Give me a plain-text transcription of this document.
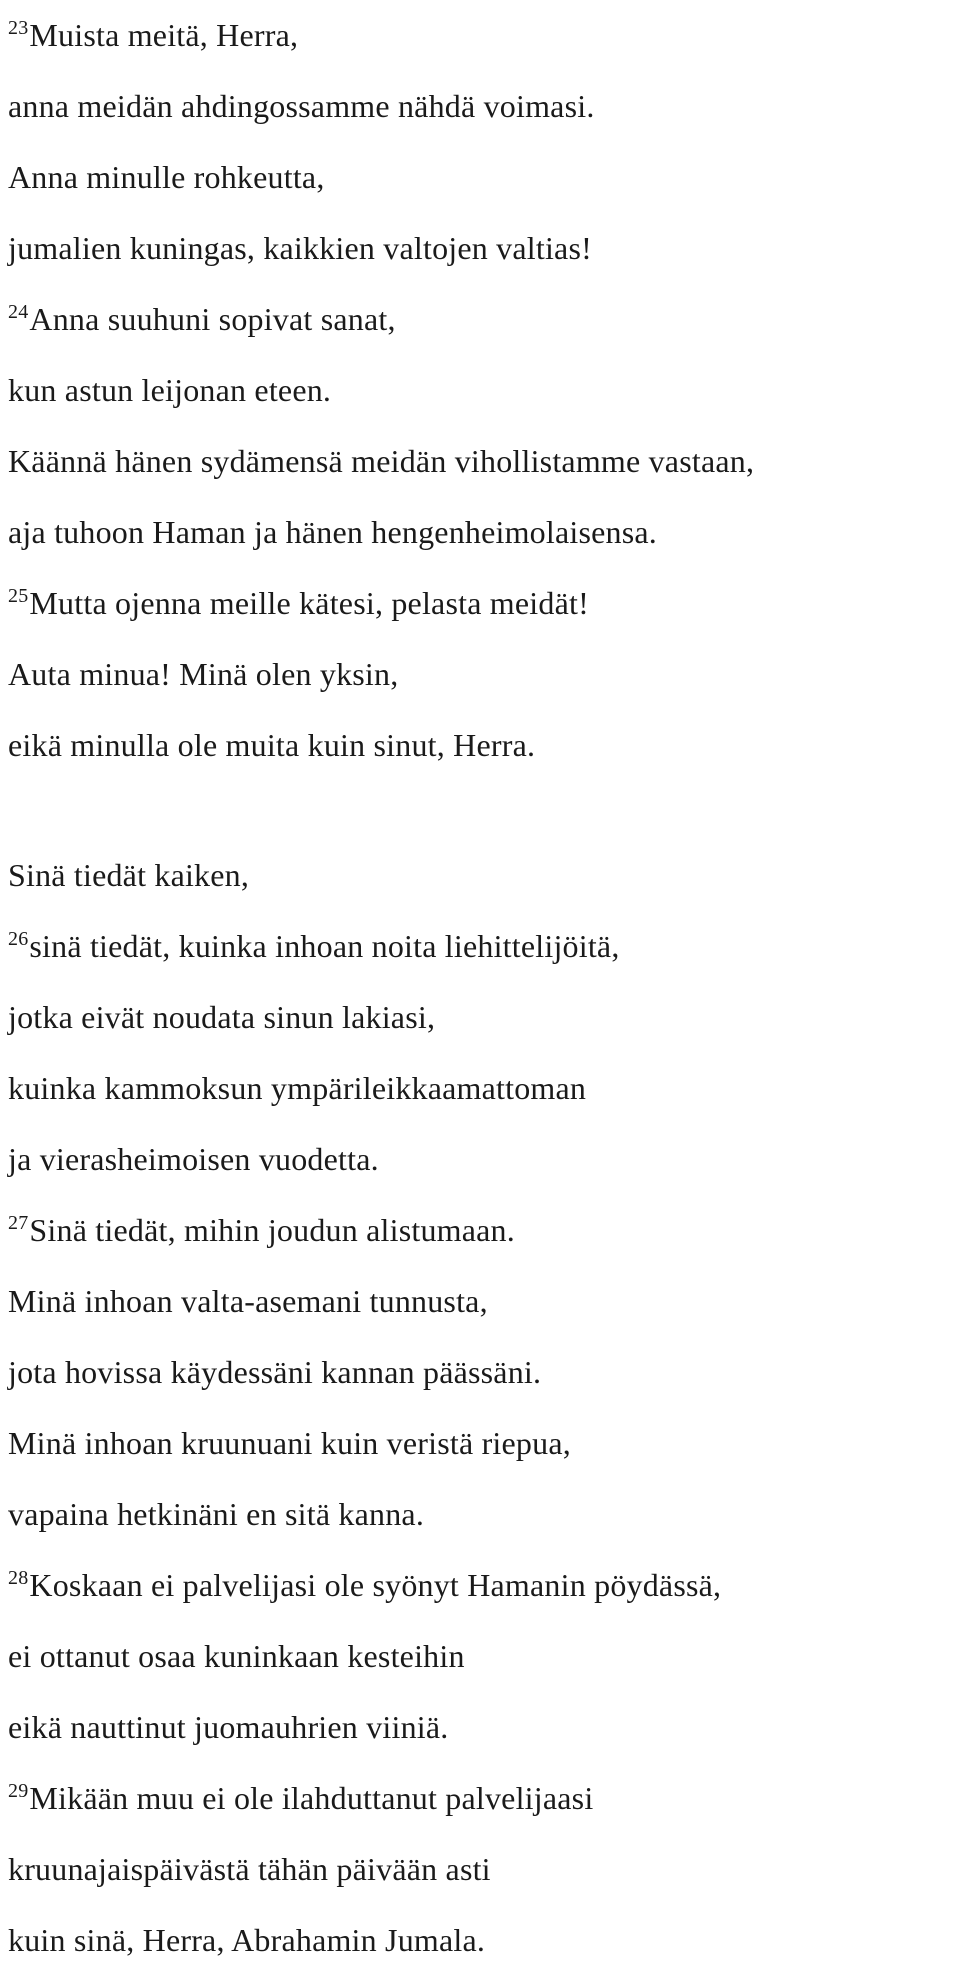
$^{23}$Muista meitä, Herra,
anna meidän ahdingossamme nähdä voimasi.
Anna minulle rohkeutta,
jumalien kuningas, kaikkien valtojen valtias!
$^{24}$Anna suuhuni sopivat sanat,
kun astun leijonan eteen.
Käännä hänen sydämensä meidän vihollistamme vastaan,
aja tuhoon Haman ja hänen hengenheimolaisensa.
$^{25}$Mutta ojenna meille kätesi, pelasta meidät!
Auta minua! Minä olen yksin,
eikä minulla ole muita kuin sinut, Herra.
Sinä tiedät kaiken,
$^{26}$sinä tiedät, kuinka inhoan noita liehittelijöitä,
jotka eivät noudata sinun lakiasi,
kuinka kammoksun ympärileikkaamattoman
ja vierasheimoisen vuodetta.
$^{27}$Sinä tiedät, mihin joudun alistumaan.
Minä inhoan valta-asemani tunnusta,
jota hovissa käydessäni kannan päässäni.
Minä inhoan kruunuani kuin veristä riepua,
vapaina hetkinäni en sitä kanna.
$^{28}$Koskaan ei palvelijasi ole syönyt Hamanin pöydässä,
ei ottanut osaa kuninkaan kesteihin
eikä nauttinut juomauhrien viiniä.
$^{29}$Mikään muu ei ole ilahduttanut palvelijaasi
kruunajaispäivästä tähän päivään asti
kuin sinä, Herra, Abrahamin Jumala.
